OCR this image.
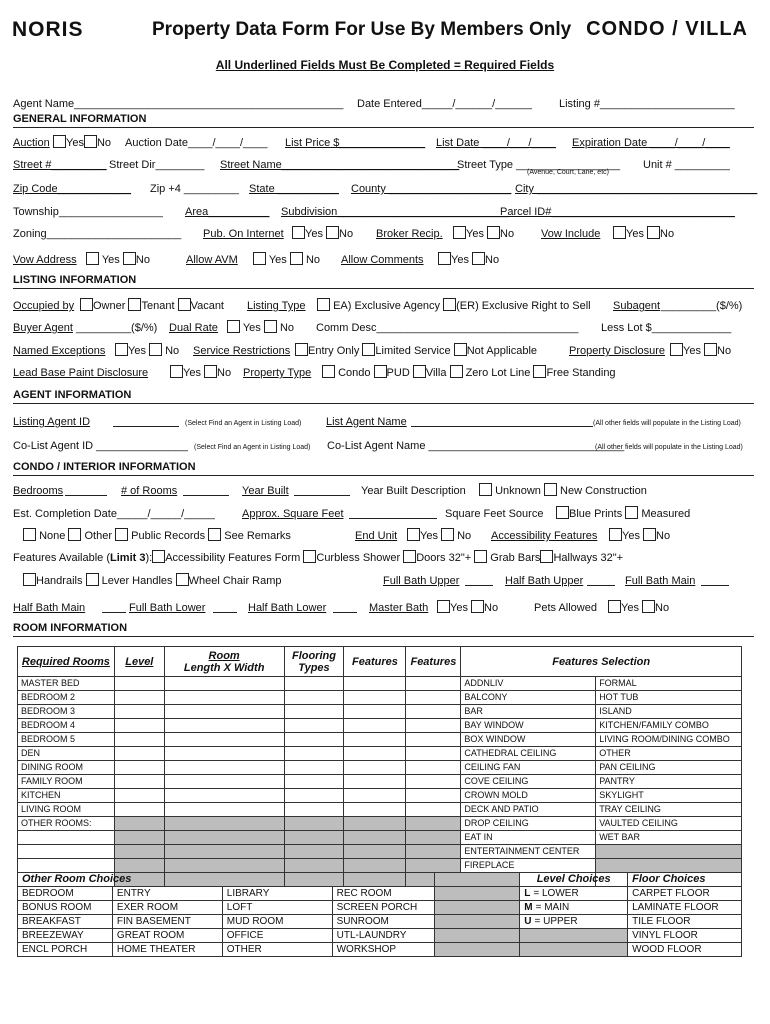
NORIS	Property Data Form For Use By Members Only CONDO / VILLA
All Underlined Fields Must Be Completed = Required Fields
Agent Name____________________________________________ Date Entered_____/______/______ Listing #______________________
GENERAL INFORMATION
Auction	Yes No Auction Date____/____/____ List Price $______________ List Date ____/___/____ Expiration Date ____/____/____
Street #_________ Street Dir________ Street Name_____________________________
Street Type _________________ Unit # _________
(Avenue, Court, Lane, etc)
Zip Code____________ Zip +4 _________ State __________ County ____________________ City ____________________________________
Township_________________ Area__________ Subdivision____________________________
Parcel ID#______________________________
Zoning______________________ Pub. On Internet	Yes No Broker Recip.	Yes No Vow Include	Yes No
Vow Address	Yes No	Allow AVM	Yes No Allow Comments	Yes No
LISTING INFORMATION
Occupied by	Owner Tenant Vacant Listing Type	EA) Exclusive Agency (ER) Exclusive Right to Sell Subagent _________($/%)
Buyer Agent _________($/%) Dual Rate	Yes No Comm Desc_________________________________ Less Lot $_____________
Named Exceptions	Yes No Service Restrictions	Entry Only Limited Service Not Applicable	Property Disclosure	Yes No
Lead Base Paint Disclosure	Yes No Property Type	Condo PUD Villa Zero Lot Line Free Standing
AGENT INFORMATION
Listing Agent ID	(Select Find an Agent in Listing Load) List Agent Name	(All other fields will populate in the Listing Load)
Co-List Agent ID _______________ (Select Find an Agent in Listing Load) Co-List Agent Name ________________________________
(All other fields will populate in the Listing Load)
CONDO / INTERIOR INFORMATION
Bedrooms	# of Rooms	Year Built	Year Built Description	Unknown New Construction
Est. Completion Date_____/_____/_____ Approx. Square Feet	Square Feet Source	Blue Prints Measured
None Other Public Records See Remarks	End Unit	Yes No Accessibility Features	Yes No
Features Available (Limit 3): Accessibility Features Form Curbless Shower Doors 32"+ Grab Bars Hallways 32"+
Handrails Lever Handles Wheel Chair Ramp	Full Bath Upper	Half Bath Upper	Full Bath Main
Half Bath Main	Full Bath Lower	Half Bath Lower	Master Bath	Yes No	Pets Allowed	Yes No
ROOM INFORMATION
Required Rooms	Level	Room
Length X Width	Flooring Types	Features	Features	Features Selection	
MASTER BED						ADDNLIV	FORMAL
BEDROOM 2						BALCONY	HOT TUB
BEDROOM 3						BAR	ISLAND
BEDROOM 4						BAY WINDOW	KITCHEN/FAMILY COMBO
BEDROOM 5						BOX WINDOW	LIVING ROOM/DINING COMBO
DEN						CATHEDRAL CEILING	OTHER
DINING ROOM						CEILING FAN	PAN CEILING
FAMILY ROOM						COVE CEILING	PANTRY
KITCHEN						CROWN MOLD	SKYLIGHT
LIVING ROOM						DECK AND PATIO	TRAY CEILING
OTHER ROOMS:						DROP CEILING	VAULTED CEILING
						EAT IN	WET BAR
						ENTERTAINMENT CENTER	
						FIREPLACE	

Other Room Choices					Level Choices	Floor Choices
BEDROOM	ENTRY	LIBRARY	REC ROOM		L = LOWER	CARPET FLOOR
BONUS ROOM	EXER ROOM	LOFT	SCREEN PORCH		M = MAIN	LAMINATE FLOOR
BREAKFAST	FIN BASEMENT	MUD ROOM	SUNROOM		U = UPPER	TILE FLOOR
BREEZEWAY	GREAT ROOM	OFFICE	UTL-LAUNDRY			VINYL FLOOR
ENCL PORCH	HOME THEATER	OTHER	WORKSHOP			WOOD FLOOR
